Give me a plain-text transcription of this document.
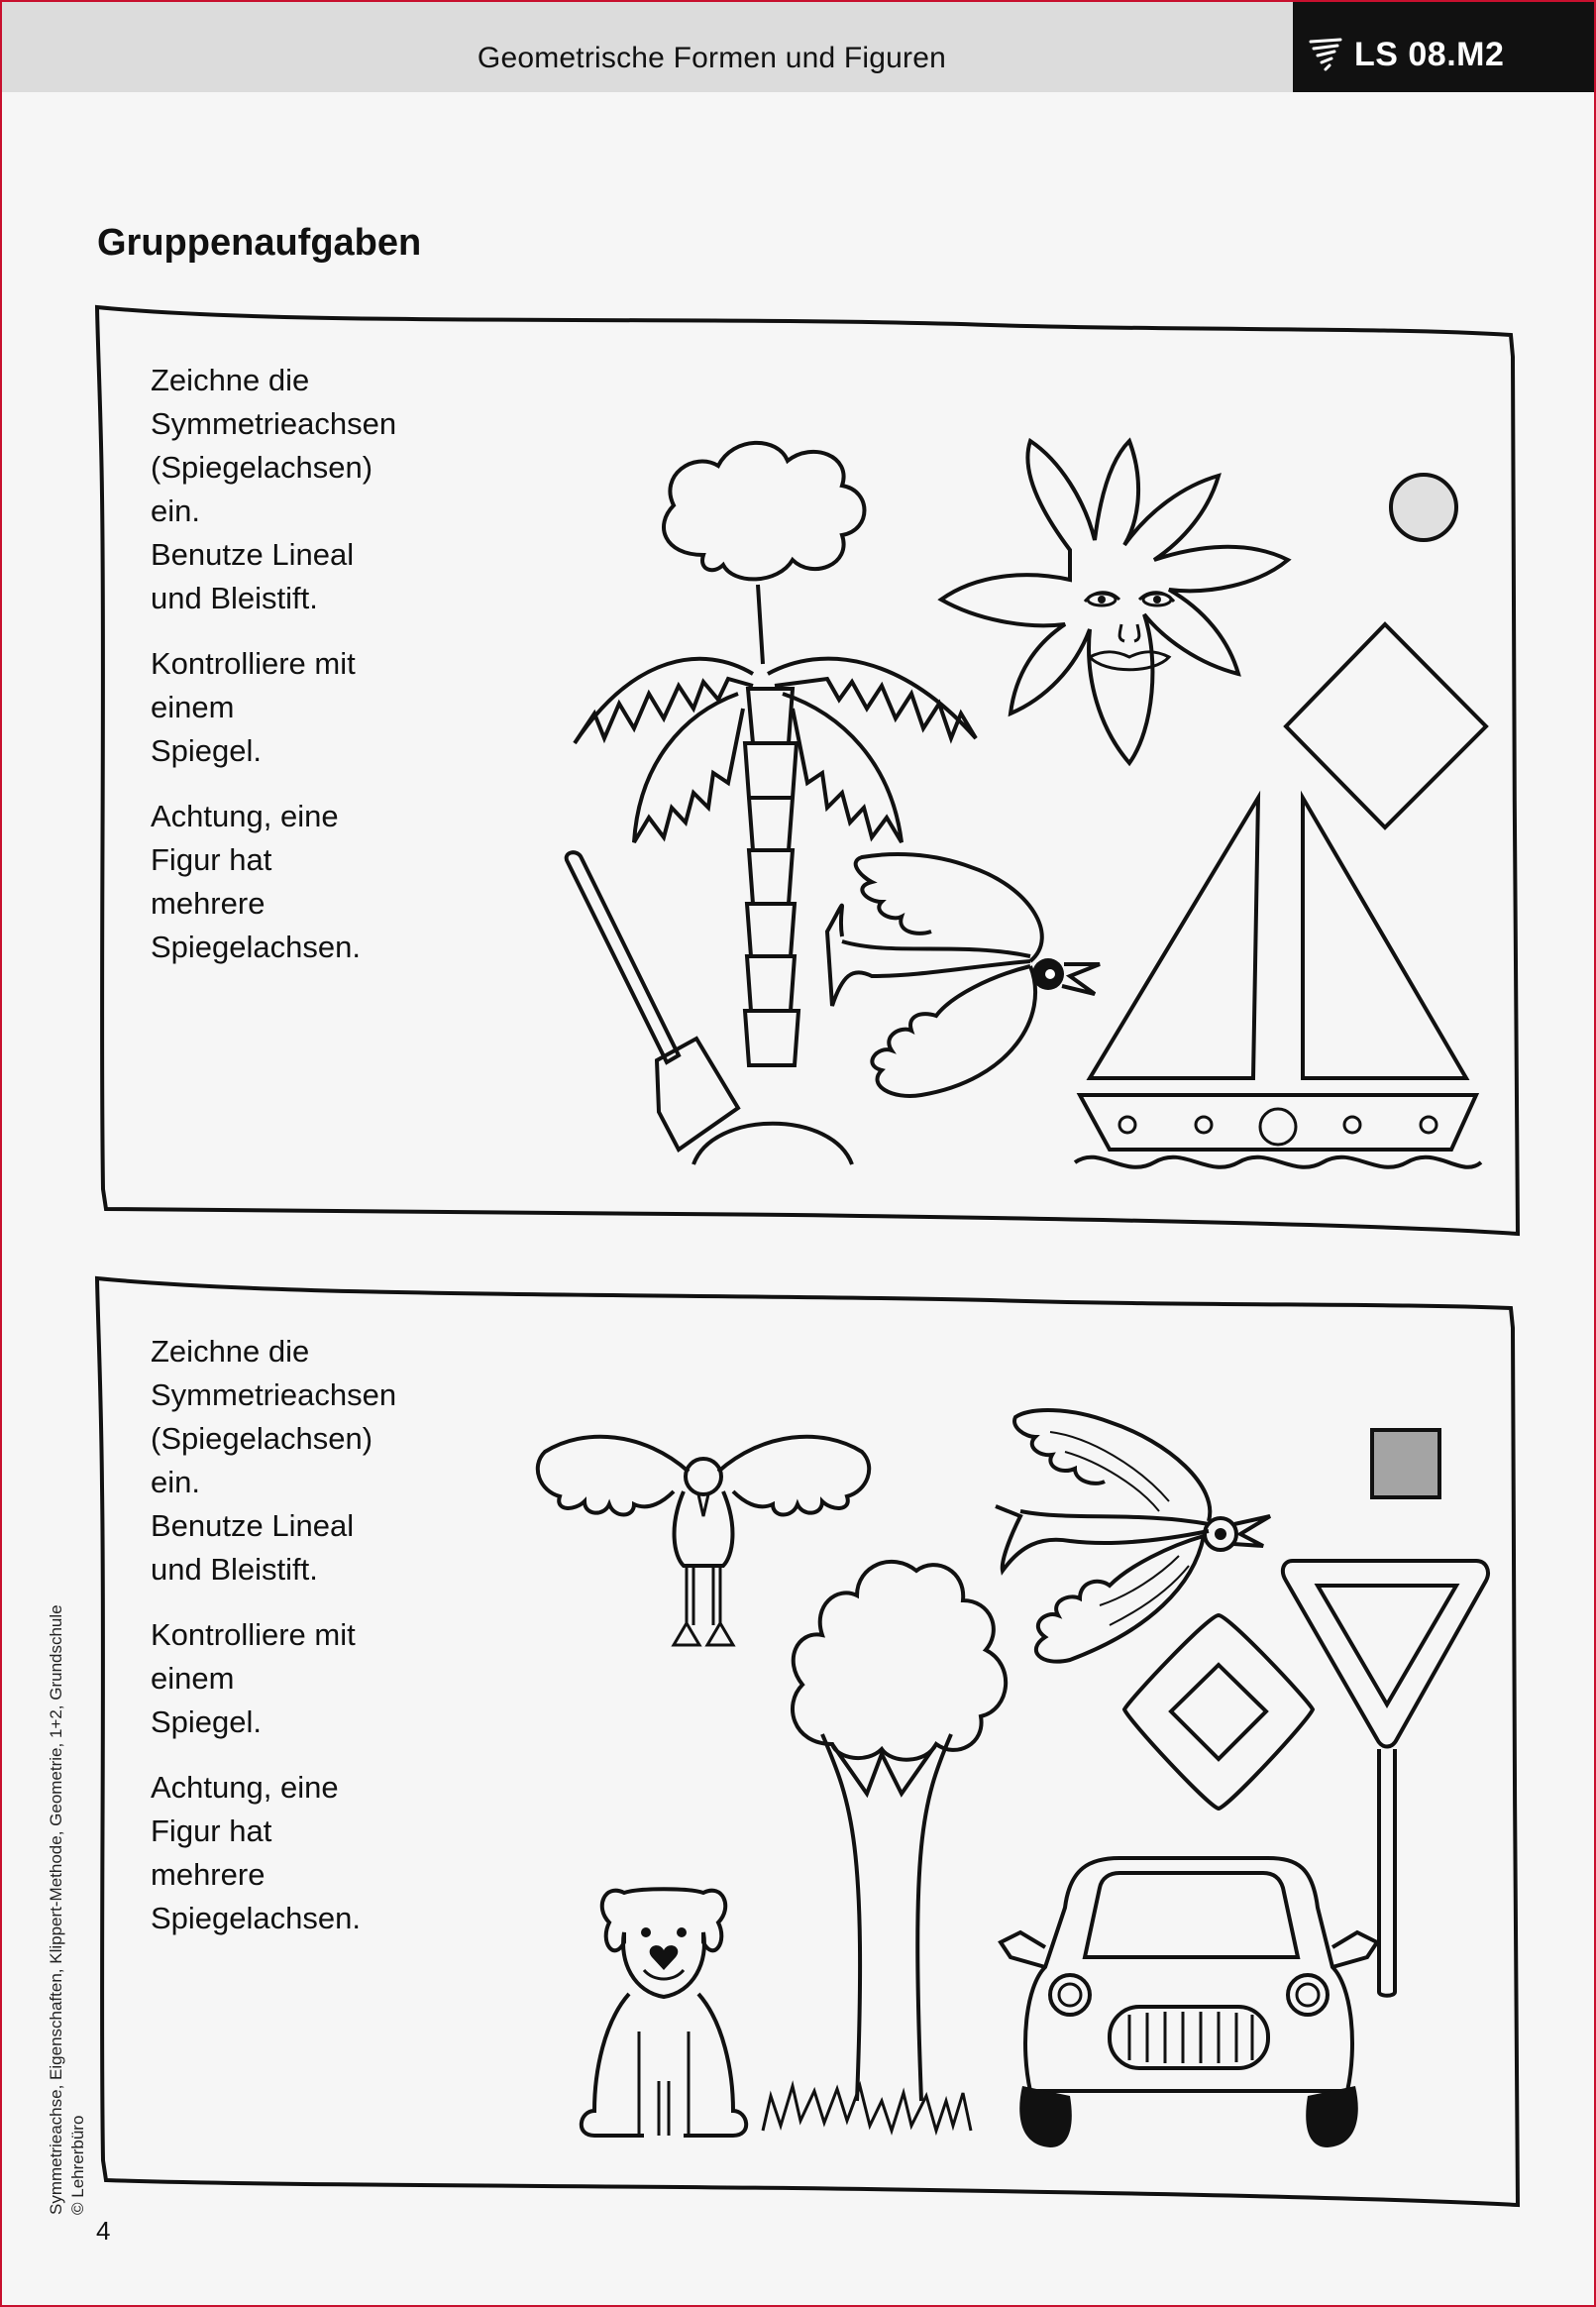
Geometrische Formen und Figuren	LS 08.M2
Gruppenaufgaben
Zeichne die Symmetrieachsen (Spiegelachsen) ein.
Benutze Lineal und Bleistift.
Kontrolliere mit einem
Spiegel.
Achtung, eine Figur hat
mehrere Spiegelachsen.
Zeichne die Symmetrieachsen (Spiegelachsen) ein.
Benutze Lineal und Bleistift.
Kontrolliere mit einem
Spiegel.
Achtung, eine Figur hat
mehrere Spiegelachsen.
Symmetrieachse, Eigenschaften, Klippert-Methode, Geometrie, 1+2, Grundschule © Lehrerbüro
4
